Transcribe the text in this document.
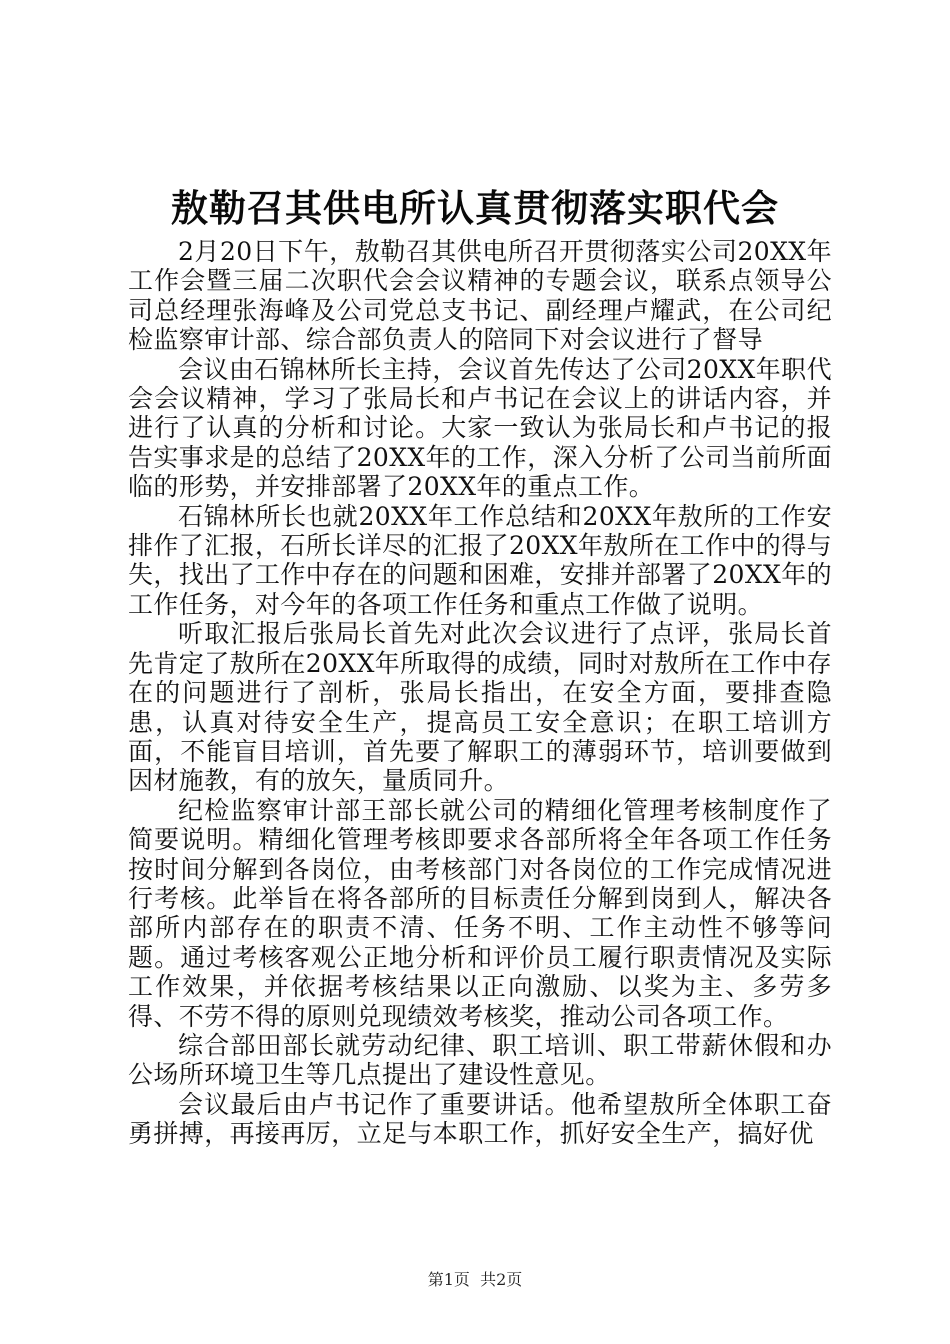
敖勒召其供电所认真贯彻落实职代会

2月20日下午，敖勒召其供电所召开贯彻落实公司20XX年工作会暨三届二次职代会会议精神的专题会议，联系点领导公司总经理张海峰及公司党总支书记、副经理卢耀武，在公司纪检监察审计部、综合部负责人的陪同下对会议进行了督导

会议由石锦林所长主持，会议首先传达了公司20XX年职代会会议精神，学习了张局长和卢书记在会议上的讲话内容，并进行了认真的分析和讨论。大家一致认为张局长和卢书记的报告实事求是的总结了20XX年的工作，深入分析了公司当前所面临的形势，并安排部署了20XX年的重点工作。

石锦林所长也就20XX年工作总结和20XX年敖所的工作安排作了汇报，石所长详尽的汇报了20XX年敖所在工作中的得与失，找出了工作中存在的问题和困难，安排并部署了20XX年的工作任务，对今年的各项工作任务和重点工作做了说明。

听取汇报后张局长首先对此次会议进行了点评，张局长首先肯定了敖所在20XX年所取得的成绩，同时对敖所在工作中存在的问题进行了剖析，张局长指出，在安全方面，要排查隐患，认真对待安全生产，提高员工安全意识；在职工培训方面，不能盲目培训，首先要了解职工的薄弱环节，培训要做到因材施教，有的放矢，量质同升。

纪检监察审计部王部长就公司的精细化管理考核制度作了简要说明。精细化管理考核即要求各部所将全年各项工作任务按时间分解到各岗位，由考核部门对各岗位的工作完成情况进行考核。此举旨在将各部所的目标责任分解到岗到人，解决各部所内部存在的职责不清、任务不明、工作主动性不够等问题。通过考核客观公正地分析和评价员工履行职责情况及实际工作效果，并依据考核结果以正向激励、以奖为主、多劳多得、不劳不得的原则兑现绩效考核奖，推动公司各项工作。

综合部田部长就劳动纪律、职工培训、职工带薪休假和办公场所环境卫生等几点提出了建设性意见。

会议最后由卢书记作了重要讲话。他希望敖所全体职工奋勇拼搏，再接再厉，立足与本职工作，抓好安全生产，搞好优

第1页  共2页
